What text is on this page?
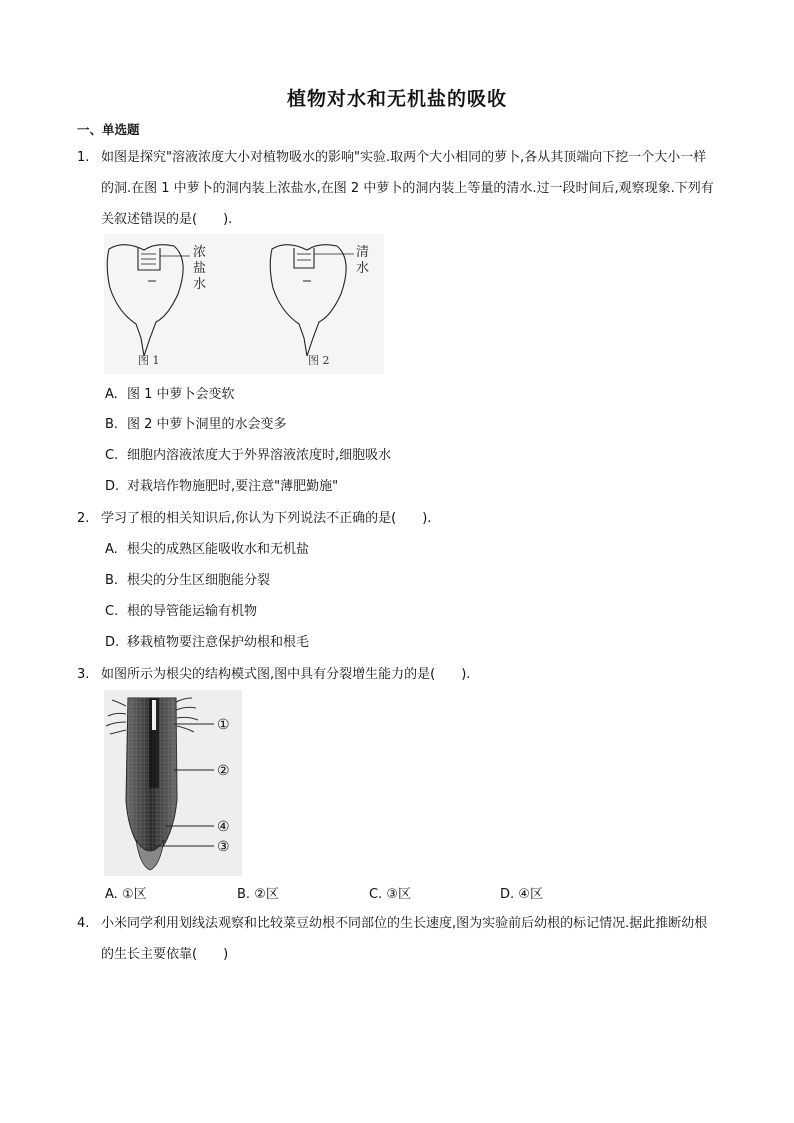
植物对水和无机盐的吸收
一、单选题
1. 如图是探究"溶液浓度大小对植物吸水的影响"实验.取两个大小相同的萝卜,各从其顶端向下挖一个大小一样的洞.在图 1 中萝卜的洞内装上浓盐水,在图 2 中萝卜的洞内装上等量的清水.过一段时间后,观察现象.下列有关叙述错误的是(　　).
浓
盐
水
图 1
清
水
图 2
A. 图 1 中萝卜会变软
B. 图 2 中萝卜洞里的水会变多
C. 细胞内溶液浓度大于外界溶液浓度时,细胞吸水
D. 对栽培作物施肥时,要注意"薄肥勤施"
2. 学习了根的相关知识后,你认为下列说法不正确的是(　　).
A. 根尖的成熟区能吸收水和无机盐
B. 根尖的分生区细胞能分裂
C. 根的导管能运输有机物
D. 移栽植物要注意保护幼根和根毛
3. 如图所示为根尖的结构模式图,图中具有分裂增生能力的是(　　).
①
②
④
③
A. ①区	B. ②区	C. ③区	D. ④区
4. 小米同学利用划线法观察和比较菜豆幼根不同部位的生长速度,图为实验前后幼根的标记情况.据此推断幼根的生长主要依靠(　　)
